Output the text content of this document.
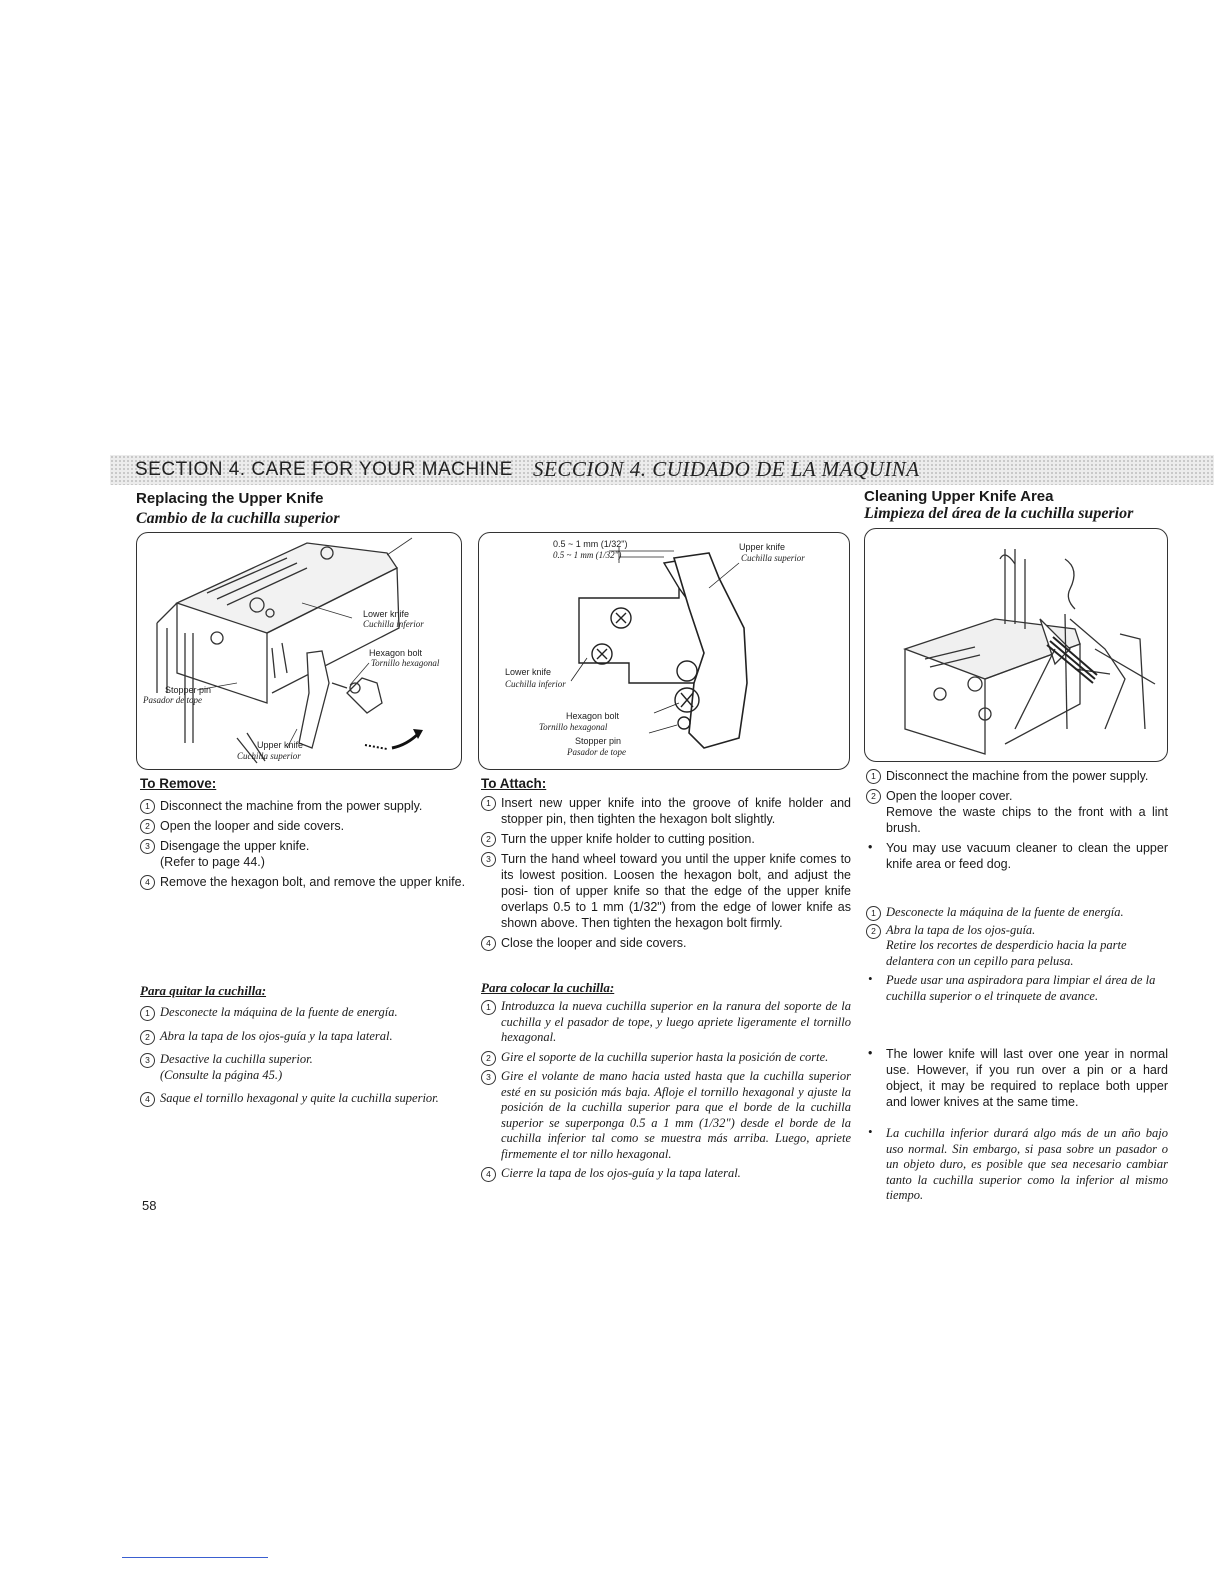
SECTION 4. CARE FOR YOUR MACHINE SECCION 4. CUIDADO DE LA MAQUINA
Replacing the Upper Knife
Cambio de la cuchilla superior
Lower knife
Cuchilla inferior
Hexagon bolt
Tornillo hexagonal
Stopper pin
Pasador de tope
Upper knife
Cuchilla superior
To Remove:
1 Disconnect the machine from the power supply.
2 Open the looper and side covers.
3 Disengage the upper knife.
(Refer to page 44.)
4 Remove the hexagon bolt, and remove the upper knife.
Para quitar la cuchilla:
1 Desconecte la máquina de la fuente de energía.
2 Abra la tapa de los ojos-guía y la tapa lateral.
3 Desactive la cuchilla superior.
(Consulte la página 45.)
4 Saque el tornillo hexagonal y quite la cuchilla superior.
58
0.5 ~ 1 mm (1/32")
0.5 ~ 1 mm (1/32")
Upper knife
Cuchilla superior
Lower knife
Cuchilla inferior
Hexagon bolt
Tornillo hexagonal
Stopper pin
Pasador de tope
To Attach:
1 Insert new upper knife into the groove of knife holder and stopper pin, then tighten the hexagon bolt slightly.
2 Turn the upper knife holder to cutting position.
3 Turn the hand wheel toward you until the upper knife comes to its lowest position. Loosen the hexagon bolt, and adjust the posi- tion of upper knife so that the edge of the upper knife overlaps 0.5 to 1 mm (1/32") from the edge of lower knife as shown above. Then tighten the hexagon bolt firmly.
4 Close the looper and side covers.
Para colocar la cuchilla:
1 Introduzca la nueva cuchilla superior en la ranura del soporte de la cuchilla y el pasador de tope, y luego apriete ligeramente el tornillo hexagonal.
2 Gire el soporte de la cuchilla superior hasta la posición de corte.
3 Gire el volante de mano hacia usted hasta que la cuchilla superior esté en su posición más baja. Afloje el tornillo hexagonal y ajuste la posición de la cuchilla superior para que el borde de la cuchilla superior se superponga 0.5 a 1 mm (1/32") desde el borde de la cuchilla inferior tal como se muestra más arriba. Luego, apriete firmemente el tor nillo hexagonal.
4 Cierre la tapa de los ojos-guía y la tapa lateral.
Cleaning Upper Knife Area
Limpieza del área de la cuchilla superior
1 Disconnect the machine from the power supply.
2 Open the looper cover.
Remove the waste chips to the front with a lint brush.
• You may use vacuum cleaner to clean the upper knife area or feed dog.
1 Desconecte la máquina de la fuente de energía.
2 Abra la tapa de los ojos-guía.
Retire los recortes de desperdicio hacia la parte delantera con un cepillo para pelusa.
• Puede usar una aspiradora para limpiar el área de la cuchilla superior o el trinquete de avance.
• The lower knife will last over one year in normal use. However, if you run over a pin or a hard object, it may be required to replace both upper and lower knives at the same time.
• La cuchilla inferior durará algo más de un año bajo uso normal. Sin embargo, si pasa sobre un pasador o un objeto duro, es posible que sea necesario cambiar tanto la cuchilla superior como la inferior al mismo tiempo.
